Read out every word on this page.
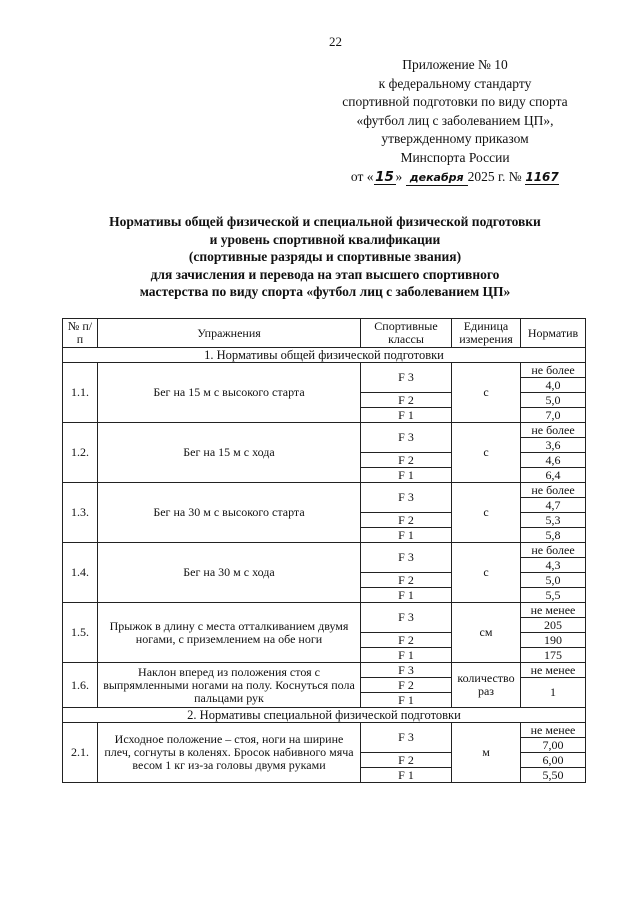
22
Приложение № 10
к федеральному стандарту
спортивной подготовки по виду спорта
«футбол лиц с заболеванием ЦП»,
утвержденному приказом
Минспорта России
от « 15 » декабря 2025 г. № 1167
Нормативы общей физической и специальной физической подготовки
и уровень спортивной квалификации
(спортивные разряды и спортивные звания)
для зачисления и перевода на этап высшего спортивного
мастерства по виду спорта «футбол лиц с заболеванием ЦП»
№ п/п	Упражнения	Спортивные классы	Единица измерения	Норматив
1. Нормативы общей физической подготовки				
1.1.	Бег на 15 м с высокого старта	F 3	с	не более
				4,0
		F 2		5,0
		F 1		7,0
1.2.	Бег на 15 м с хода	F 3	с	не более
				3,6
		F 2		4,6
		F 1		6,4
1.3.	Бег на 30 м с высокого старта	F 3	с	не более
				4,7
		F 2		5,3
		F 1		5,8
1.4.	Бег на 30 м с хода	F 3	с	не более
				4,3
		F 2		5,0
		F 1		5,5
1.5.	Прыжок в длину с места отталкиванием двумя ногами, с приземлением на обе ноги	F 3	см	не менее
				205
		F 2		190
		F 1		175
1.6.	Наклон вперед из положения стоя с выпрямленными ногами на полу. Коснуться пола пальцами рук	F 3	количество раз	не менее
				1
		F 2		
		F 1		
2. Нормативы специальной физической подготовки				
2.1.	Исходное положение – стоя, ноги на ширине плеч, согнуты в коленях. Бросок набивного мяча весом 1 кг из-за головы двумя руками	F 3	м	не менее
				7,00
		F 2		6,00
		F 1		5,50
